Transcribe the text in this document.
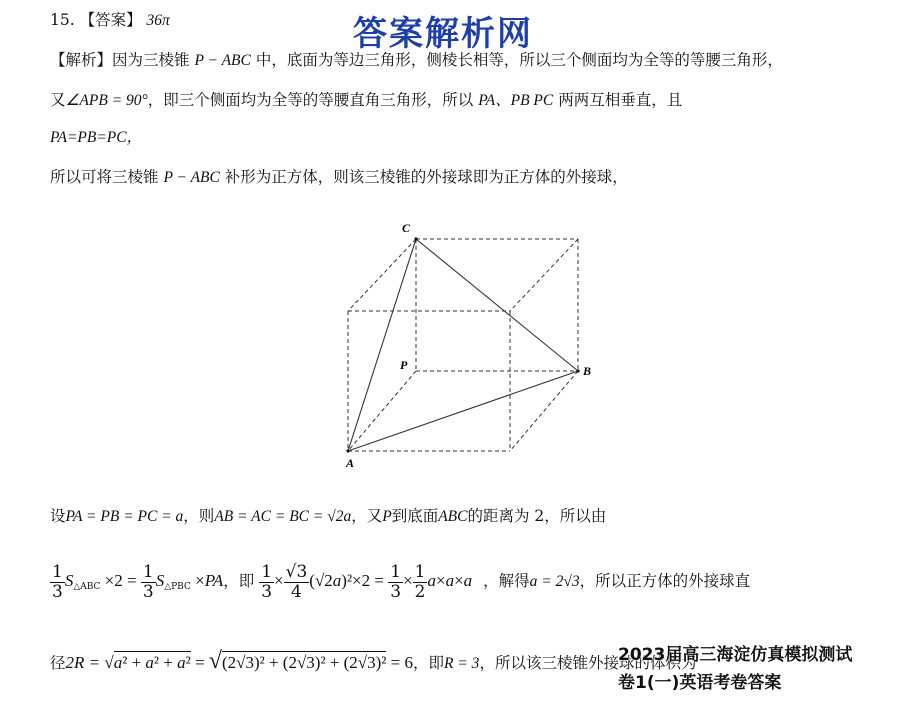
答案解析网
15. 【答案】 36π
【解析】因为三棱锥 P − ABC 中，底面为等边三角形，侧棱长相等，所以三个侧面均为全等的等腰三角形，
又∠APB = 90°，即三个侧面均为全等的等腰直角三角形，所以 PA、PB PC 两两互相垂直，且
PA=PB=PC，
所以可将三棱锥 P − ABC 补形为正方体，则该三棱锥的外接球即为正方体的外接球，
C
P	B
A
设PA = PB = PC = a，则AB = AC = BC = √2a，又P到底面ABC的距离为 2，所以由
$\frac{1}{3} S_{\triangle ABC} \times 2 = \frac{1}{3} S_{\triangle PBC} \times PA$，即 $\frac{1}{3} \times \frac{√3}{4} (√2a)^2\times 2 = \frac{1}{3} \times \frac{1}{2} a\times a\times a$ ，解得a = 2√3，所以正方体的外接球直
径2R = √a² + a² + a² = √(2√3)² + (2√3)² + (2√3)² = 6，即R = 3，所以该三棱锥外接球的体积为
2023届高三海淀仿真模拟测试
卷1(一)英语考卷答案
